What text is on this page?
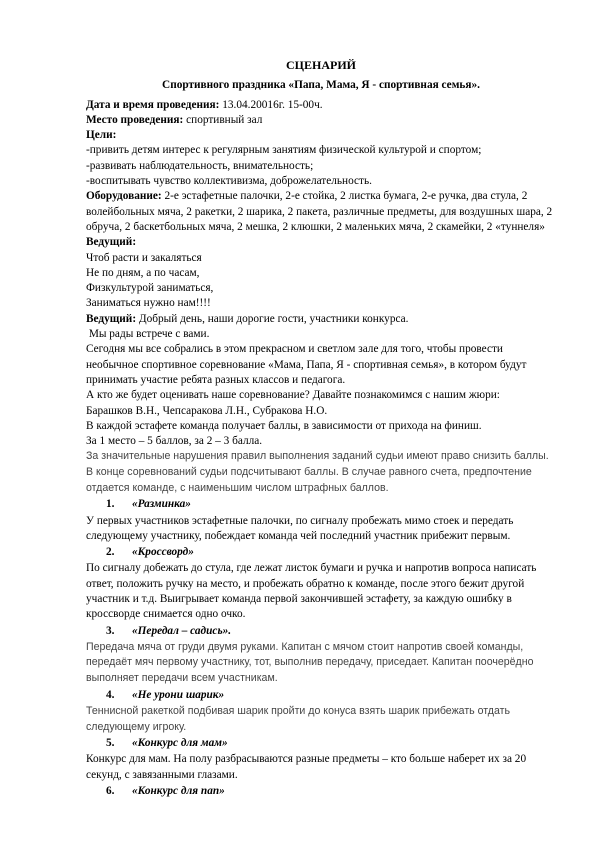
СЦЕНАРИЙ
Спортивного праздника «Папа, Мама, Я - спортивная семья».

Дата и время проведения: 13.04.20016г. 15-00ч.

Место проведения: спортивный зал

Цели:

-привить детям интерес к регулярным занятиям физической культурой и спортом;

-развивать наблюдательность, внимательность;

-воспитывать чувство коллективизма, доброжелательность.

Оборудование: 2-е эстафетные палочки, 2-е стойка, 2 листка бумага, 2-е ручка, два стула, 2 волейбольных мяча, 2 ракетки, 2 шарика, 2 пакета, различные предметы, для воздушных шара, 2 обруча, 2 баскетбольных мяча, 2 мешка, 2 клюшки, 2 маленьких мяча, 2 скамейки, 2 «туннеля»

Ведущий:

Чтоб расти и закаляться

Не по дням, а по часам,

Физкультурой заниматься,

Заниматься нужно нам!!!!

Ведущий: Добрый день, наши дорогие гости, участники конкурса.

Мы рады встрече с вами.

Сегодня мы все собрались в этом прекрасном и светлом зале для того, чтобы провести необычное спортивное соревнование «Мама, Папа, Я - спортивная семья», в котором будут принимать участие ребята разных классов и педагога.

А кто же будет оценивать наше соревнование? Давайте познакомимся с нашим жюри:

Барашков В.Н., Чепсаракова Л.Н., Субракова Н.О.

В каждой эстафете команда получает баллы, в зависимости от прихода на финиш.

За 1 место – 5 баллов, за 2 – 3 балла.

За значительные нарушения правил выполнения заданий судьи имеют право снизить баллы. В конце соревнований судьи подсчитывают баллы. В случае равного счета, предпочтение отдается команде, с наименьшим числом штрафных баллов.

1. «Разминка»

У первых участников эстафетные палочки, по сигналу пробежать мимо стоек и передать следующему участнику, побеждает команда чей последний участник прибежит первым.

2. «Кроссворд»

По сигналу добежать до стула, где лежат листок бумаги и ручка и напротив вопроса написать ответ, положить ручку на место, и пробежать обратно к команде, после этого бежит другой участник и т.д. Выигрывает команда первой закончившей эстафету, за каждую ошибку в кроссворде снимается одно очко.

3. «Передал – садись».

Передача мяча от груди двумя руками. Капитан с мячом стоит напротив своей команды, передаёт мяч первому участнику, тот, выполнив передачу, приседает. Капитан поочерёдно выполняет передачи всем участникам.

4. «Не урони шарик»

Теннисной ракеткой подбивая шарик пройти до конуса взять шарик прибежать отдать следующему игроку.

5. «Конкурс для мам»

Конкурс для мам. На полу разбрасываются разные предметы – кто больше наберет их за 20 секунд, с завязанными глазами.

6. «Конкурс для пап»
